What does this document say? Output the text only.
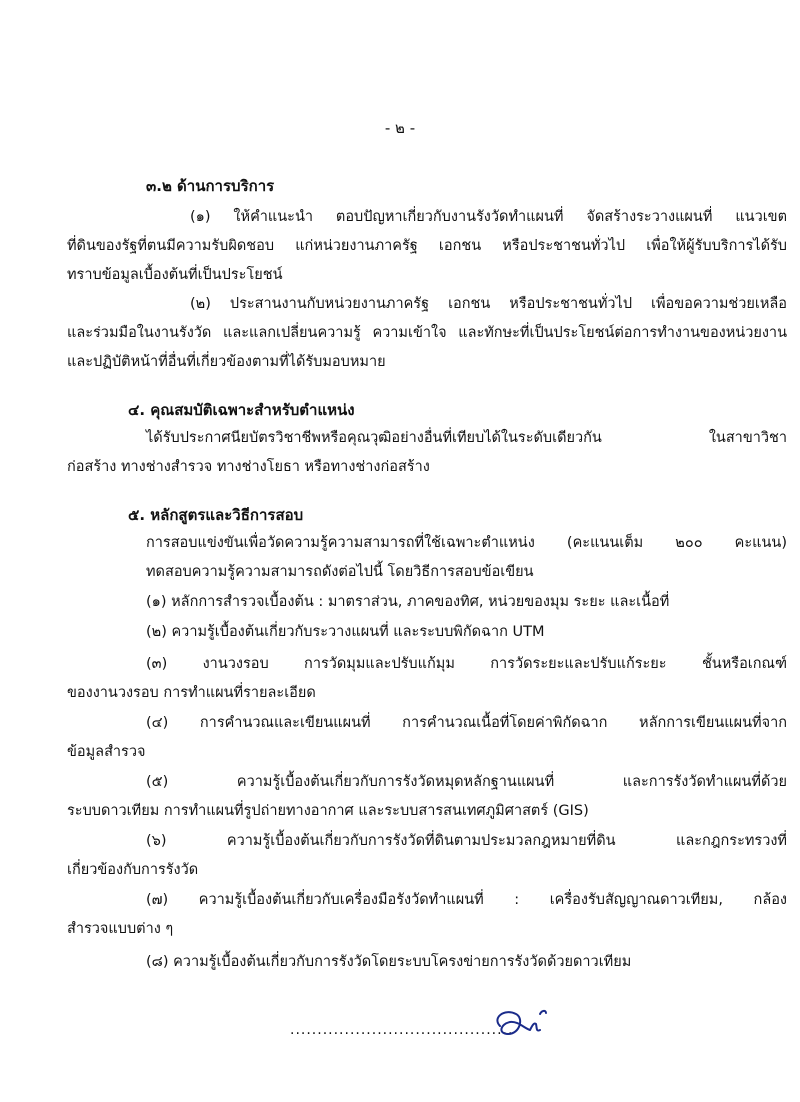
- ๒ -
๓.๒ ด้านการบริการ
(๑) ให้คำแนะนำ ตอบปัญหาเกี่ยวกับงานรังวัดทำแผนที่ จัดสร้างระวางแผนที่ แนวเขต
ที่ดินของรัฐที่ตนมีความรับผิดชอบ แก่หน่วยงานภาครัฐ เอกชน หรือประชาชนทั่วไป เพื่อให้ผู้รับบริการได้รับ
ทราบข้อมูลเบื้องต้นที่เป็นประโยชน์
(๒) ประสานงานกับหน่วยงานภาครัฐ เอกชน หรือประชาชนทั่วไป เพื่อขอความช่วยเหลือ
และร่วมมือในงานรังวัด และแลกเปลี่ยนความรู้ ความเข้าใจ และทักษะที่เป็นประโยชน์ต่อการทำงานของหน่วยงาน
และปฏิบัติหน้าที่อื่นที่เกี่ยวข้องตามที่ได้รับมอบหมาย
๔. คุณสมบัติเฉพาะสำหรับตำแหน่ง
ได้รับประกาศนียบัตรวิชาชีพหรือคุณวุฒิอย่างอื่นที่เทียบได้ในระดับเดียวกัน ในสาขาวิชา
ก่อสร้าง ทางช่างสำรวจ ทางช่างโยธา หรือทางช่างก่อสร้าง
๕. หลักสูตรและวิธีการสอบ
การสอบแข่งขันเพื่อวัดความรู้ความสามารถที่ใช้เฉพาะตำแหน่ง (คะแนนเต็ม ๒๐๐ คะแนน)
ทดสอบความรู้ความสามารถดังต่อไปนี้ โดยวิธีการสอบข้อเขียน
(๑) หลักการสำรวจเบื้องต้น : มาตราส่วน, ภาคของทิศ, หน่วยของมุม ระยะ และเนื้อที่
(๒) ความรู้เบื้องต้นเกี่ยวกับระวางแผนที่ และระบบพิกัดฉาก UTM
(๓) งานวงรอบ การวัดมุมและปรับแก้มุม การวัดระยะและปรับแก้ระยะ ชั้นหรือเกณฑ์
ของงานวงรอบ การทำแผนที่รายละเอียด
(๔) การคำนวณและเขียนแผนที่ การคำนวณเนื้อที่โดยค่าพิกัดฉาก หลักการเขียนแผนที่จาก
ข้อมูลสำรวจ
(๕) ความรู้เบื้องต้นเกี่ยวกับการรังวัดหมุดหลักฐานแผนที่ และการรังวัดทำแผนที่ด้วย
ระบบดาวเทียม การทำแผนที่รูปถ่ายทางอากาศ และระบบสารสนเทศภูมิศาสตร์ (GIS)
(๖) ความรู้เบื้องต้นเกี่ยวกับการรังวัดที่ดินตามประมวลกฎหมายที่ดิน และกฎกระทรวงที่
เกี่ยวข้องกับการรังวัด
(๗) ความรู้เบื้องต้นเกี่ยวกับเครื่องมือรังวัดทำแผนที่ : เครื่องรับสัญญาณดาวเทียม, กล้อง
สำรวจแบบต่าง ๆ
(๘) ความรู้เบื้องต้นเกี่ยวกับการรังวัดโดยระบบโครงข่ายการรังวัดด้วยดาวเทียม
.........................................
